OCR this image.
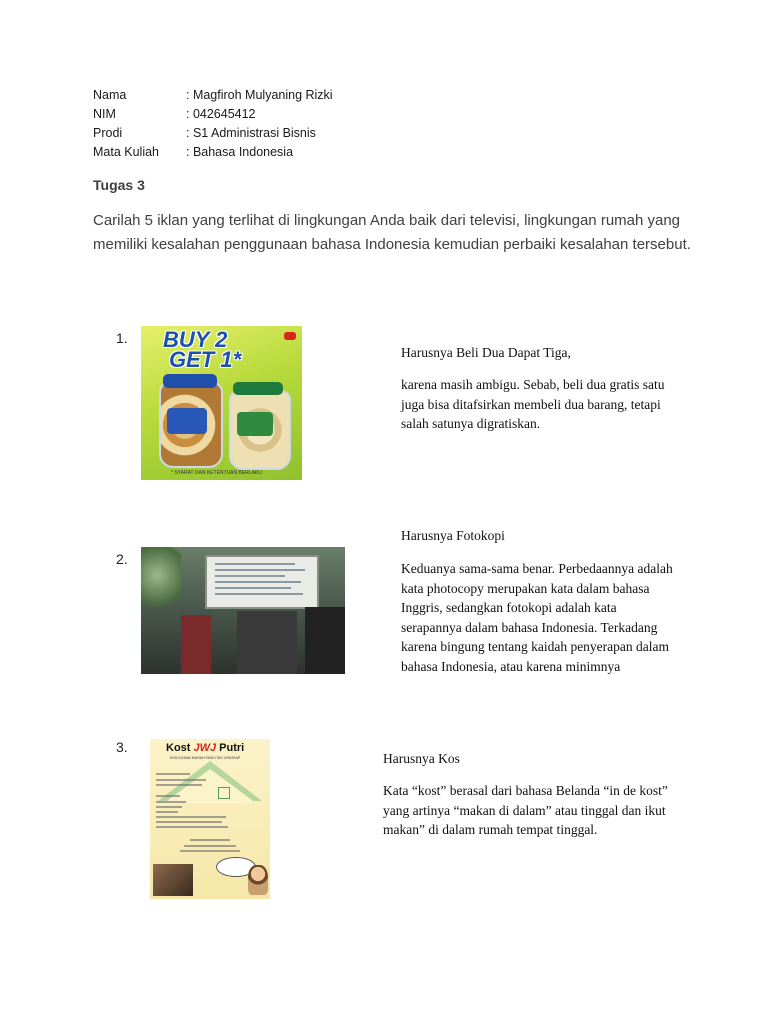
Nama	: Magfiroh Mulyaning Rizki
NIM	: 042645412
Prodi	: S1 Administrasi Bisnis
Mata Kuliah : Bahasa Indonesia
Tugas 3
Carilah 5 iklan yang terlihat di lingkungan Anda baik dari televisi, lingkungan rumah yang memiliki kesalahan penggunaan bahasa Indonesia kemudian perbaiki kesalahan tersebut.
1. BUY 2
GET 1*
* SYARAT DAN KETENTUAN BERLAKU
Harusnya Beli Dua Dapat Tiga,
karena masih ambigu. Sebab, beli dua gratis satu juga bisa ditafsirkan membeli dua barang, tetapi salah satunya digratiskan.
2.
Harusnya Fotokopi
Keduanya sama-sama benar. Perbedaannya adalah kata photocopy merupakan kata dalam bahasa Inggris, sedangkan fotokopi adalah kata serapannya dalam bahasa Indonesia. Terkadang karena bingung tentang kaidah penyerapan dalam bahasa Indonesia, atau karena minimnya
3.	Kost JWJ Putri
KOS-KOSAN MURAH FASILITAS LENGKAP	Harusnya Kos
Kata “kost” berasal dari bahasa Belanda “in de kost” yang artinya “makan di dalam” atau tinggal dan ikut makan” di dalam rumah tempat tinggal.
